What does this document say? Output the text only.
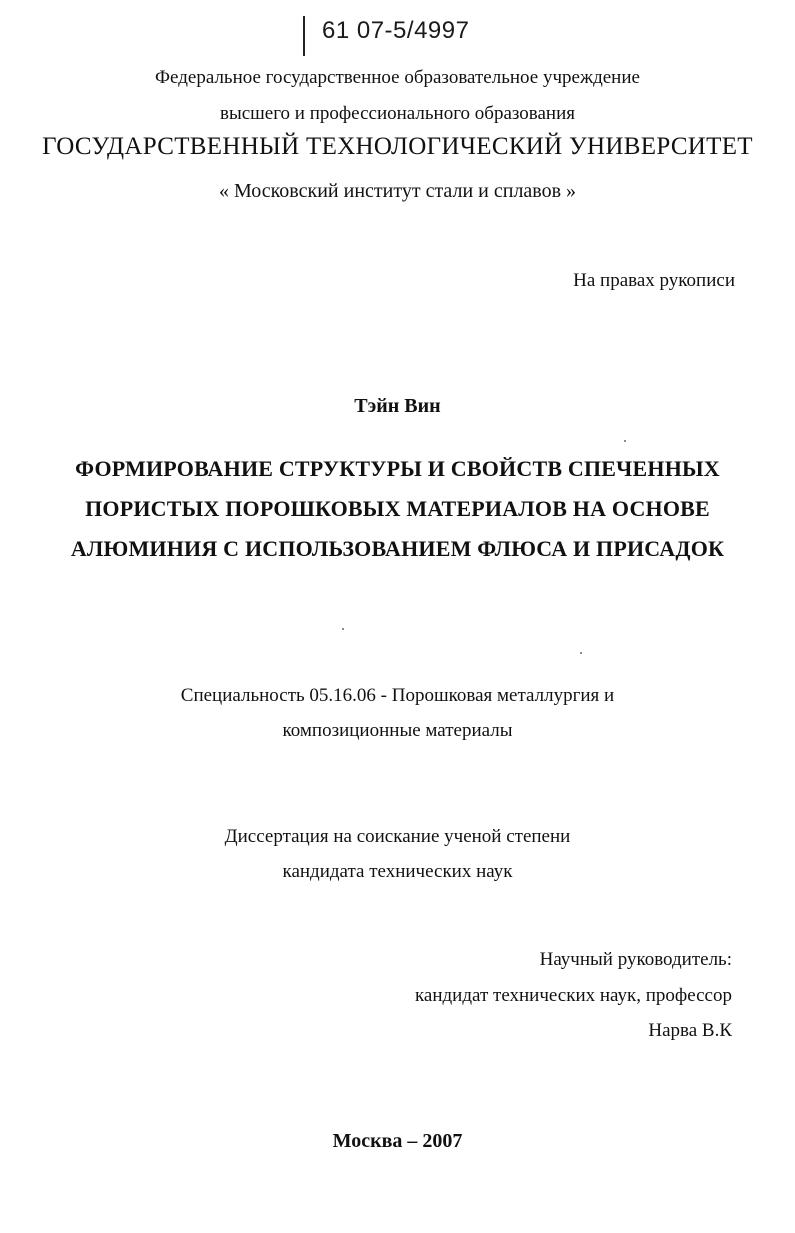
61 07-5/4997
Федеральное государственное образовательное учреждение
высшего и профессионального образования
ГОСУДАРСТВЕННЫЙ ТЕХНОЛОГИЧЕСКИЙ УНИВЕРСИТЕТ
« Московский институт стали и сплавов »
На правах рукописи
Тэйн Вин
ФОРМИРОВАНИЕ СТРУКТУРЫ И СВОЙСТВ СПЕЧЕННЫХ
ПОРИСТЫХ ПОРОШКОВЫХ МАТЕРИАЛОВ НА ОСНОВЕ
АЛЮМИНИЯ С ИСПОЛЬЗОВАНИЕМ ФЛЮСА И ПРИСАДОК
Специальность 05.16.06 - Порошковая металлургия и
композиционные материалы
Диссертация на соискание ученой степени
кандидата технических наук
Научный руководитель:
кандидат технических наук, профессор
Нарва В.К
Москва – 2007
